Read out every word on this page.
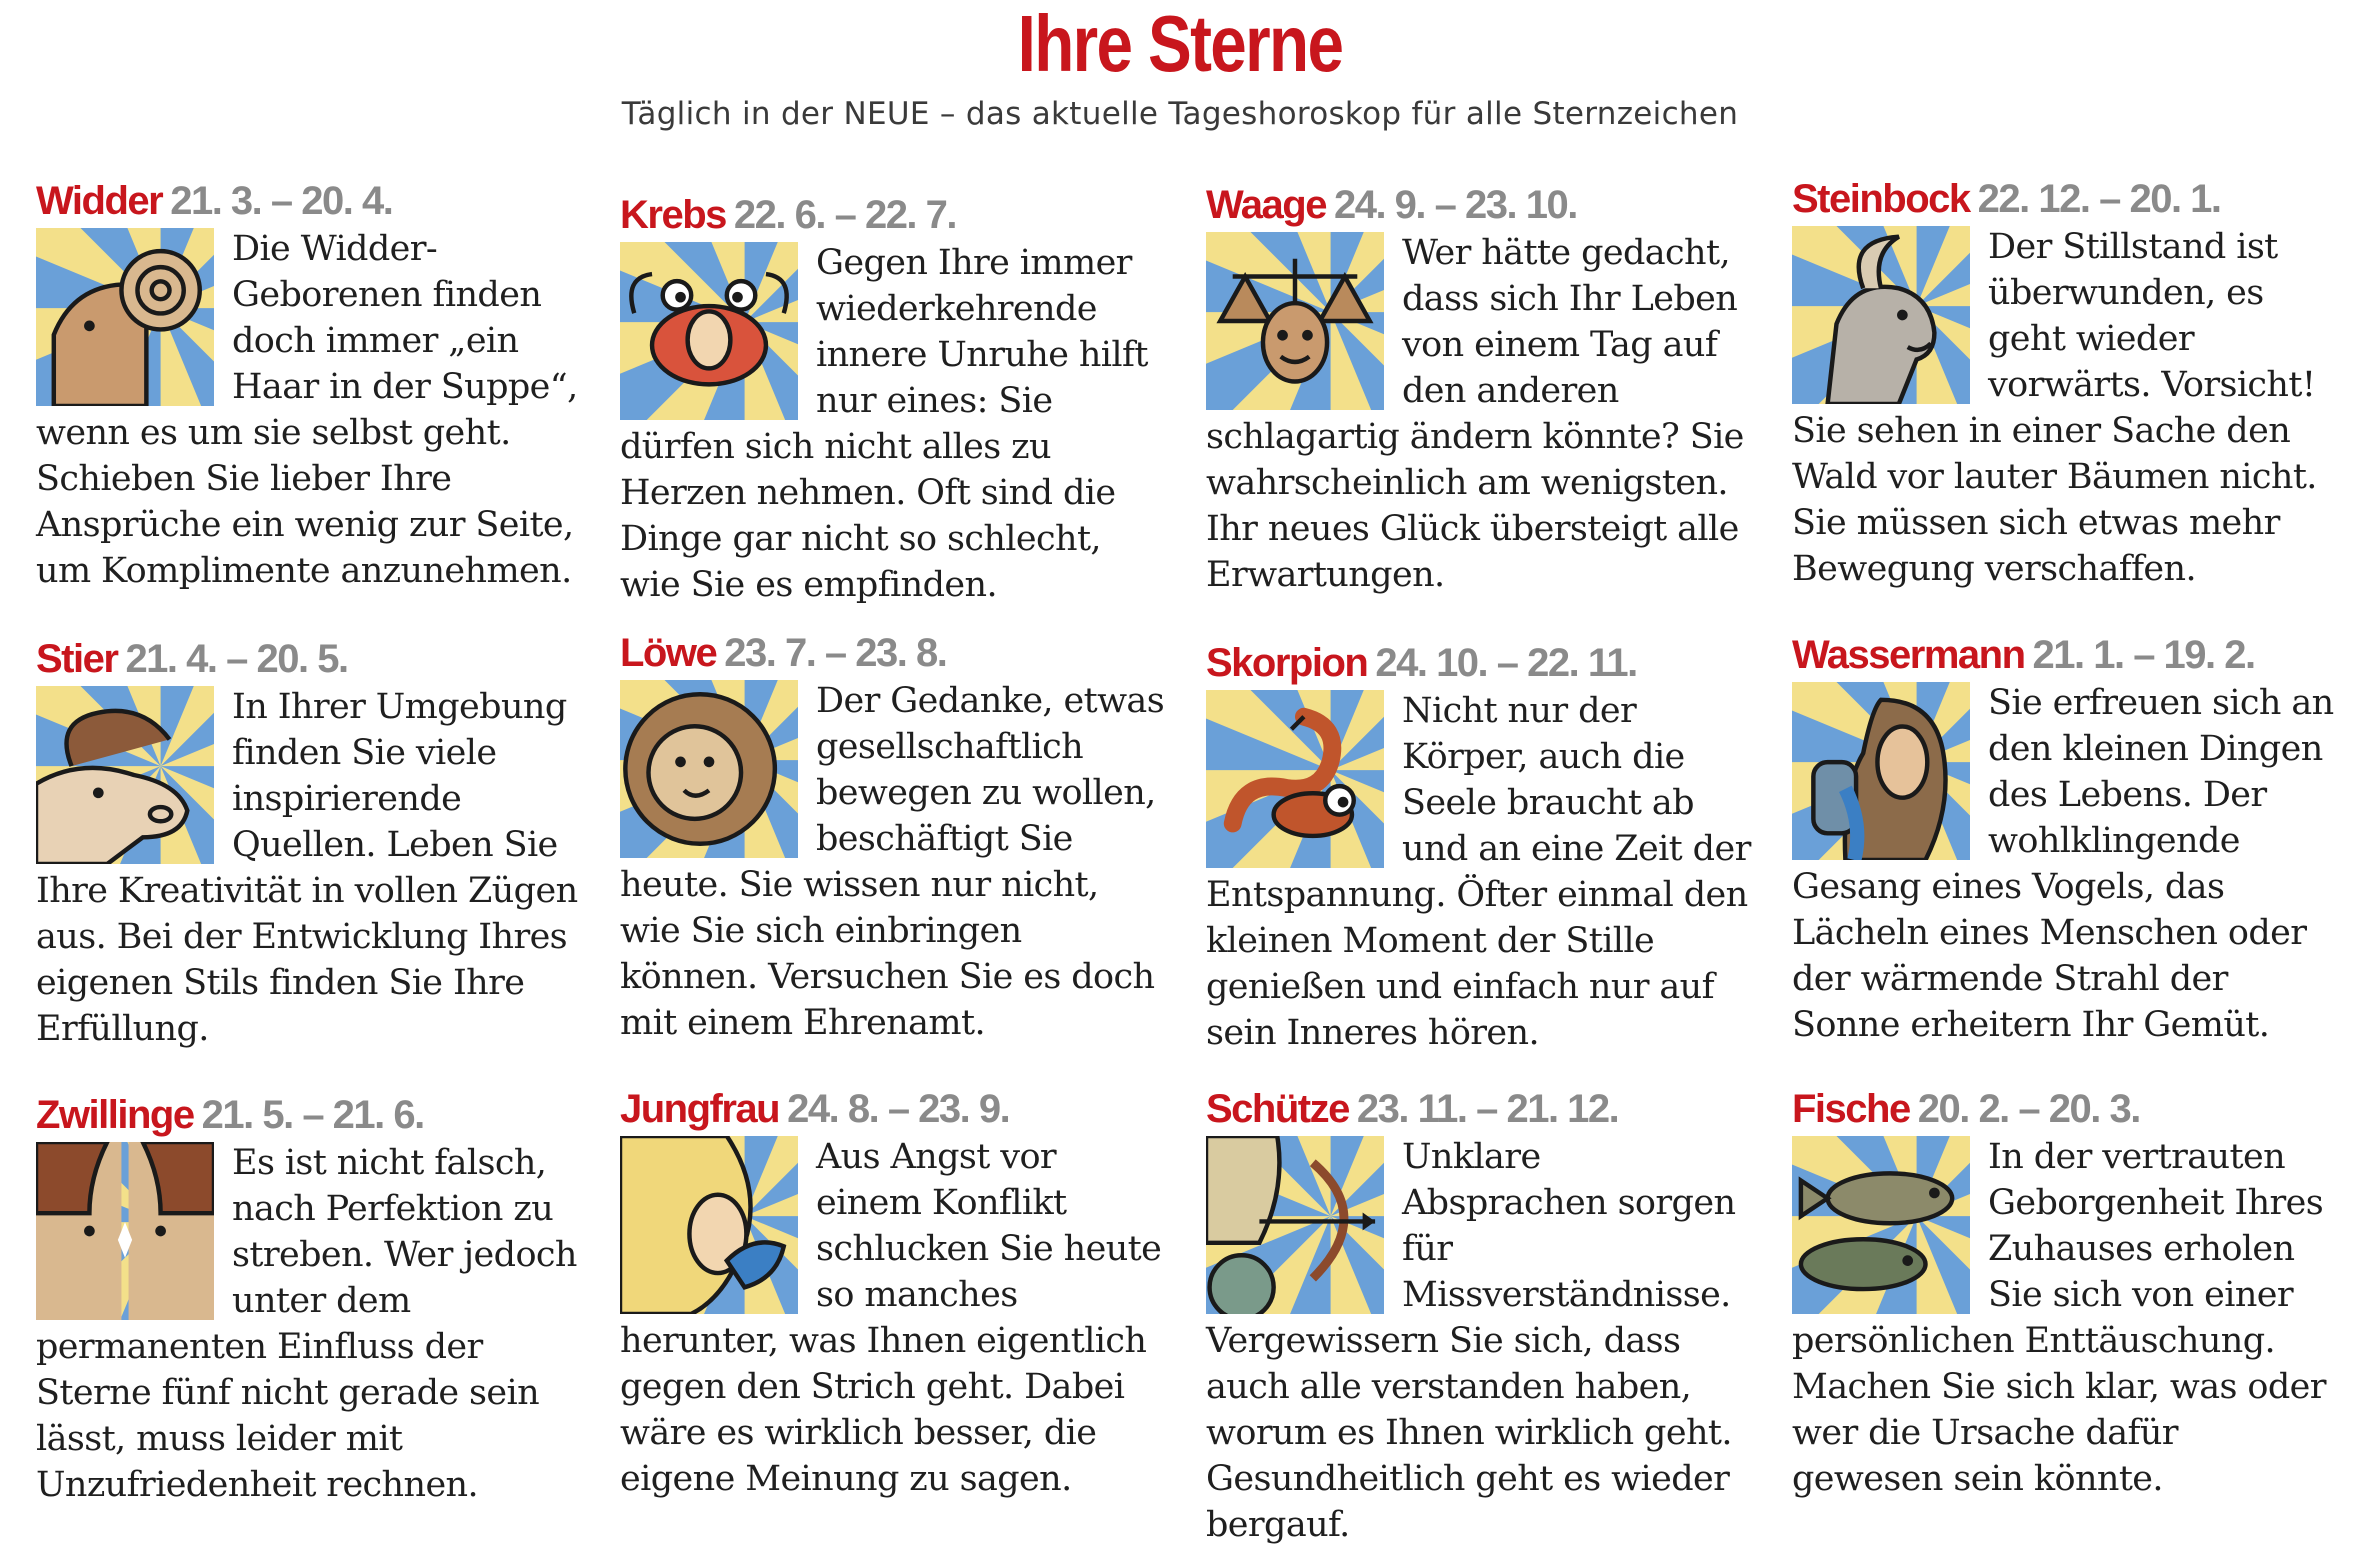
Ihre Sterne
Täglich in der NEUE – das aktuelle Tageshoroskop für alle Sternzeichen
Widder 21. 3. – 20. 4.
Die Widder-Geborenen finden doch immer „ein Haar in der Suppe“, wenn es um sie selbst geht. Schieben Sie lieber Ihre Ansprüche ein wenig zur Seite, um Komplimente anzunehmen.
Krebs 22. 6. – 22. 7.
Gegen Ihre immer wiederkehrende innere Unruhe hilft nur eines: Sie dürfen sich nicht alles zu Herzen nehmen. Oft sind die Dinge gar nicht so schlecht, wie Sie es empfinden.
Waage 24. 9. – 23. 10.
Wer hätte gedacht, dass sich Ihr Leben von einem Tag auf den anderen schlagartig ändern könnte? Sie wahrscheinlich am wenigsten. Ihr neues Glück übersteigt alle Erwartungen.
Steinbock 22. 12. – 20. 1.
Der Stillstand ist überwunden, es geht wieder vorwärts. Vorsicht! Sie sehen in einer Sache den Wald vor lauter Bäumen nicht. Sie müssen sich etwas mehr Bewegung verschaffen.
Stier 21. 4. – 20. 5.
In Ihrer Umgebung finden Sie viele inspirierende Quellen. Leben Sie Ihre Kreativität in vollen Zügen aus. Bei der Entwicklung Ihres eigenen Stils finden Sie Ihre Erfüllung.
Löwe 23. 7. – 23. 8.
Der Gedanke, etwas gesellschaftlich bewegen zu wollen, beschäftigt Sie heute. Sie wissen nur nicht, wie Sie sich einbringen können. Versuchen Sie es doch mit einem Ehrenamt.
Skorpion 24. 10. – 22. 11.
Nicht nur der Körper, auch die Seele braucht ab und an eine Zeit der Entspannung. Öfter einmal den kleinen Moment der Stille genießen und einfach nur auf sein Inneres hören.
Wassermann 21. 1. – 19. 2.
Sie erfreuen sich an den kleinen Dingen des Lebens. Der wohlklingende Gesang eines Vogels, das Lächeln eines Menschen oder der wärmende Strahl der Sonne erheitern Ihr Gemüt.
Zwillinge 21. 5. – 21. 6.
Es ist nicht falsch, nach Perfektion zu streben. Wer jedoch unter dem permanenten Einfluss der Sterne fünf nicht gerade sein lässt, muss leider mit Unzufriedenheit rechnen.
Jungfrau 24. 8. – 23. 9.
Aus Angst vor einem Konflikt schlucken Sie heute so manches herunter, was Ihnen eigentlich gegen den Strich geht. Dabei wäre es wirklich besser, die eigene Meinung zu sagen.
Schütze 23. 11. – 21. 12.
Unklare Absprachen sorgen für Missverständnisse. Vergewissern Sie sich, dass auch alle verstanden haben, worum es Ihnen wirklich geht. Gesundheitlich geht es wieder bergauf.
Fische 20. 2. – 20. 3.
In der vertrauten Geborgenheit Ihres Zuhauses erholen Sie sich von einer persönlichen Enttäuschung. Machen Sie sich klar, was oder wer die Ursache dafür gewesen sein könnte.
